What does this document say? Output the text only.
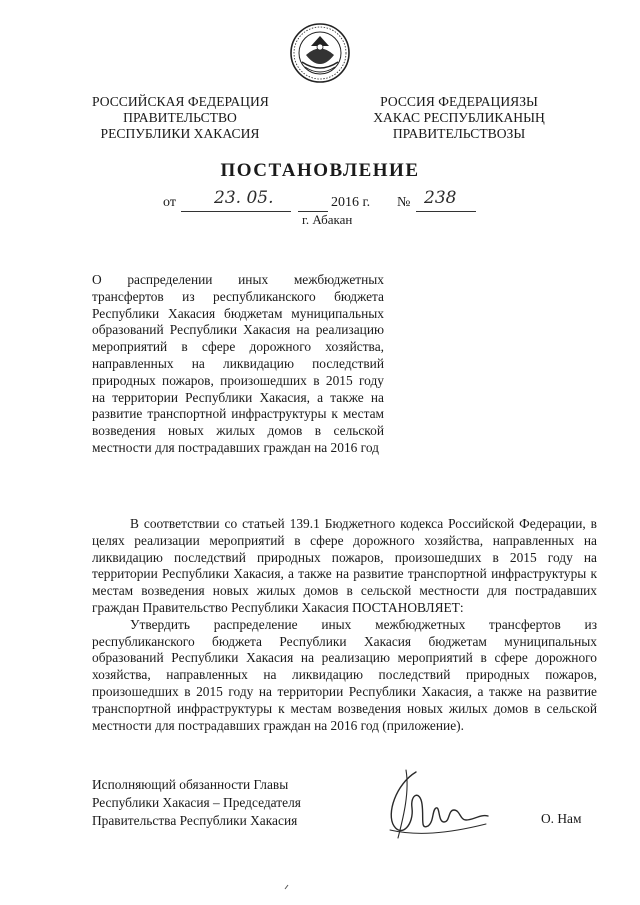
РОССИЙСКАЯ ФЕДЕРАЦИЯ
ПРАВИТЕЛЬСТВО
РЕСПУБЛИКИ ХАКАСИЯ
РОССИЯ ФЕДЕРАЦИЯЗЫ
ХАКАС РЕСПУБЛИКАНЫҢ
ПРАВИТЕЛЬСТВОЗЫ
ПОСТАНОВЛЕНИЕ
от 23. 05.	2016 г. № 238
г. Абакан
О распределении иных межбюджетных трансфертов из республиканского бюджета Республики Хакасия бюджетам муниципальных образований Республики Хакасия на реализацию мероприятий в сфере дорожного хозяйства, направленных на ликвидацию последствий природных пожаров, произошедших в 2015 году на территории Республики Хакасия, а также на развитие транспортной инфраструктуры к местам возведения новых жилых домов в сельской местности для пострадавших граждан на 2016 год

В соответствии со статьей 139.1 Бюджетного кодекса Российской Федерации, в целях реализации мероприятий в сфере дорожного хозяйства, направленных на ликвидацию последствий природных пожаров, произошедших в 2015 году на территории Республики Хакасия, а также на развитие транспортной инфраструктуры к местам возведения новых жилых домов в сельской местности для пострадавших граждан Правительство Республики Хакасия ПОСТАНОВЛЯЕТ:

Утвердить распределение иных межбюджетных трансфертов из республиканского бюджета Республики Хакасия бюджетам муниципальных образований Республики Хакасия на реализацию мероприятий в сфере дорожного хозяйства, направленных на ликвидацию последствий природных пожаров, произошедших в 2015 году на территории Республики Хакасия, а также на развитие транспортной инфраструктуры к местам возведения новых жилых домов в сельской местности для пострадавших граждан на 2016 год (приложение).

Исполняющий обязанности Главы
Республики Хакасия – Председателя
Правительства Республики Хакасия	О. Нам
